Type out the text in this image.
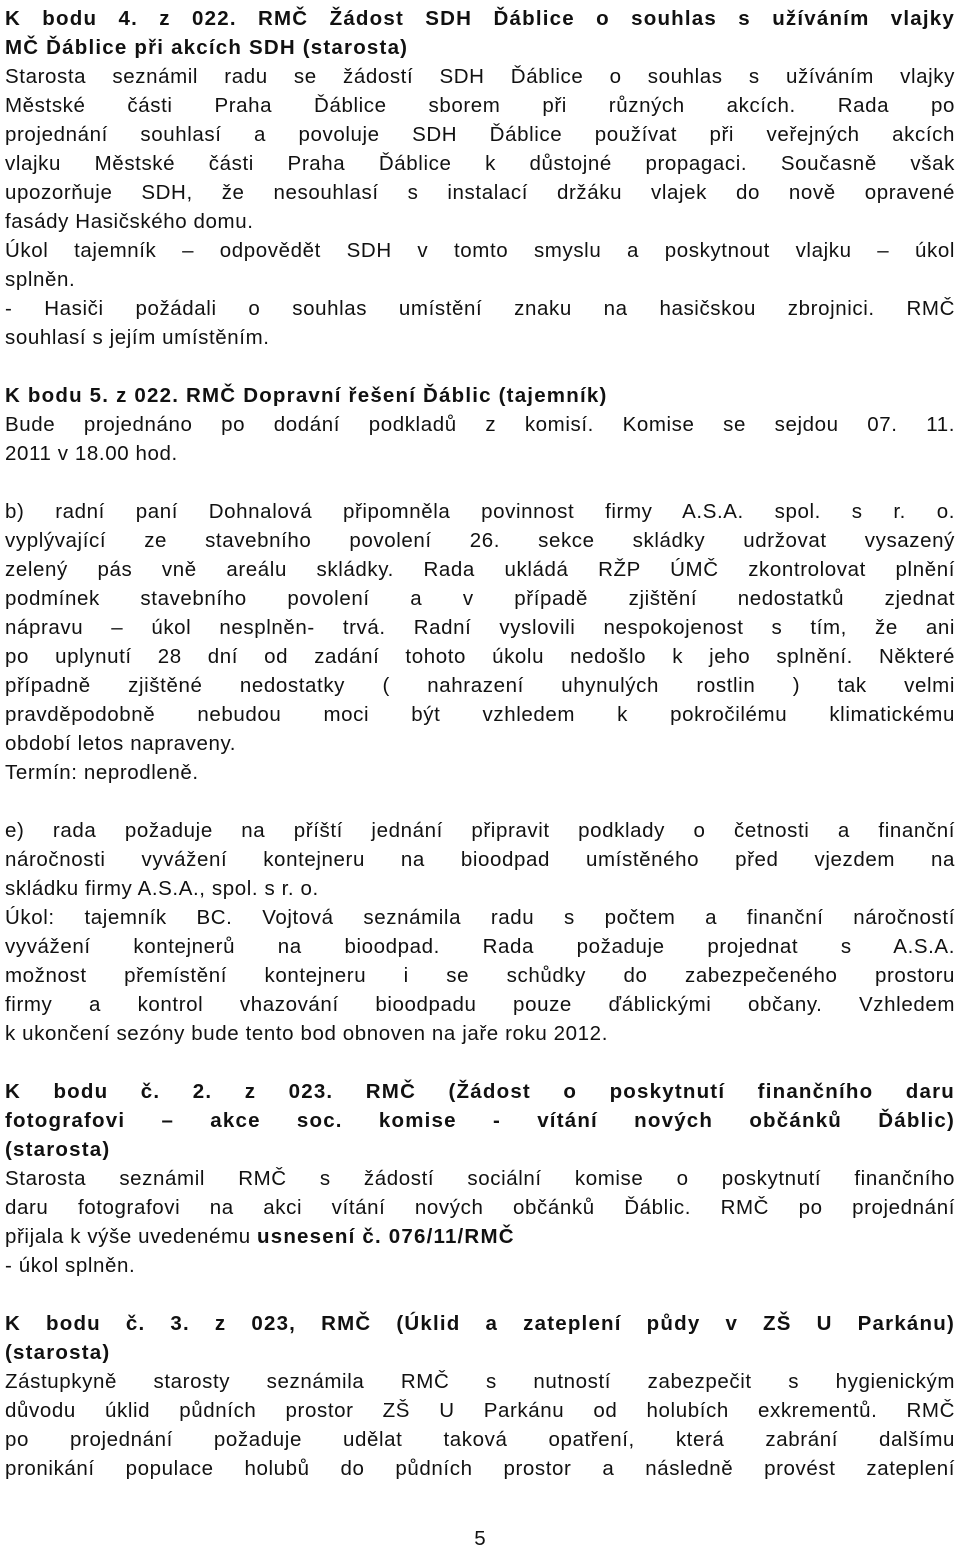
K bodu 4. z 022. RMČ Žádost SDH Ďáblice o souhlas s užíváním vlajky
MČ Ďáblice při akcích SDH (starosta)
Starosta seznámil radu se žádostí SDH Ďáblice o souhlas s užíváním vlajky
Městské části Praha Ďáblice sborem při různých akcích. Rada po
projednání souhlasí a povoluje SDH Ďáblice používat při veřejných akcích
vlajku Městské části Praha Ďáblice k důstojné propagaci. Současně však
upozorňuje SDH, že nesouhlasí s instalací držáku vlajek do nově opravené
fasády Hasičského domu.
Úkol tajemník – odpovědět SDH v tomto smyslu a poskytnout vlajku – úkol
splněn.
- Hasiči požádali o souhlas umístění znaku na hasičskou zbrojnici. RMČ
souhlasí s jejím umístěním.
K bodu 5. z 022. RMČ Dopravní řešení Ďáblic (tajemník)
Bude projednáno po dodání podkladů z komisí. Komise se sejdou 07. 11.
2011 v 18.00 hod.
b) radní paní Dohnalová připomněla povinnost firmy A.S.A. spol. s r. o.
vyplývající ze stavebního povolení 26. sekce skládky udržovat vysazený
zelený pás vně areálu skládky. Rada ukládá RŽP ÚMČ zkontrolovat plnění
podmínek stavebního povolení a v případě zjištění nedostatků zjednat
nápravu – úkol nesplněn- trvá. Radní vyslovili nespokojenost s tím, že ani
po uplynutí 28 dní od zadání tohoto úkolu nedošlo k jeho splnění. Některé
případně zjištěné nedostatky ( nahrazení uhynulých rostlin ) tak velmi
pravděpodobně nebudou moci být vzhledem k pokročilému klimatickému
období letos napraveny.
Termín: neprodleně.
e) rada požaduje na příští jednání připravit podklady o četnosti a finanční
náročnosti vyvážení kontejneru na bioodpad umístěného před vjezdem na
skládku firmy A.S.A., spol. s r. o.
Úkol: tajemník BC. Vojtová seznámila radu s počtem a finanční náročností
vyvážení kontejnerů na bioodpad. Rada požaduje projednat s A.S.A.
možnost přemístění kontejneru i se schůdky do zabezpečeného prostoru
firmy a kontrol vhazování bioodpadu pouze ďáblickými občany. Vzhledem
k ukončení sezóny bude tento bod obnoven na jaře roku 2012.
K bodu č. 2. z 023. RMČ (Žádost o poskytnutí finančního daru
fotografovi – akce soc. komise - vítání nových občánků Ďáblic)
(starosta)
Starosta seznámil RMČ s žádostí sociální komise o poskytnutí finančního
daru fotografovi na akci vítání nových občánků Ďáblic. RMČ po projednání
přijala k výše uvedenému usnesení č. 076/11/RMČ
- úkol splněn.
K bodu č. 3. z 023, RMČ (Úklid a zateplení půdy v ZŠ U Parkánu)
(starosta)
Zástupkyně starosty seznámila RMČ s nutností zabezpečit s hygienickým
důvodu úklid půdních prostor ZŠ U Parkánu od holubích exkrementů. RMČ
po projednání požaduje udělat taková opatření, která zabrání dalšímu
pronikání populace holubů do půdních prostor a následně provést zateplení
5
